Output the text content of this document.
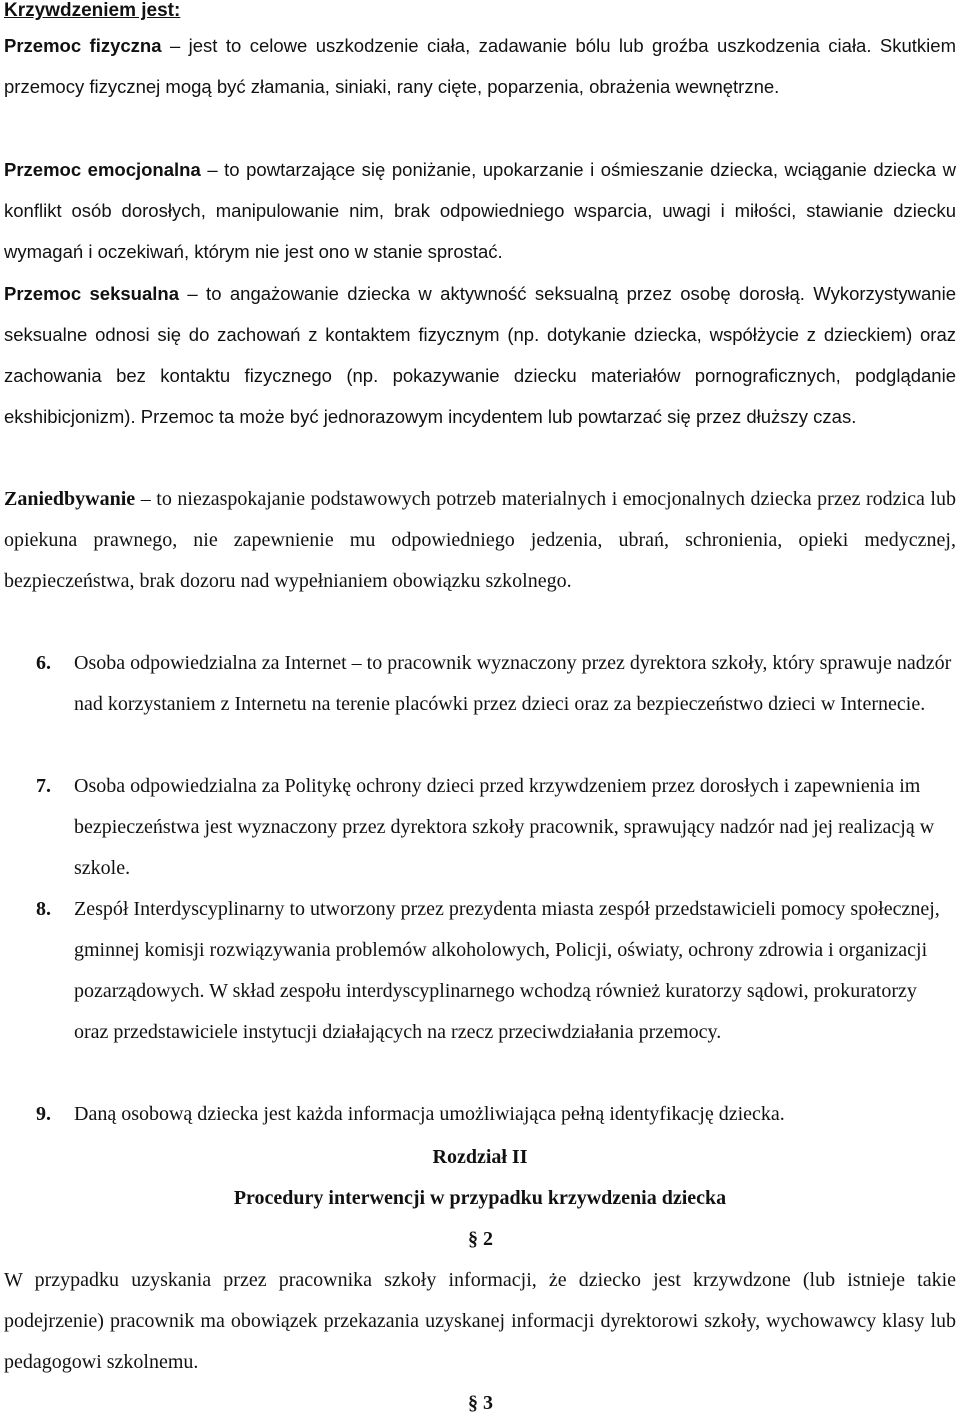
Krzywdzeniem jest:
Przemoc fizyczna – jest to celowe uszkodzenie ciała, zadawanie bólu lub groźba uszkodzenia ciała. Skutkiem przemocy fizycznej mogą być złamania, siniaki, rany cięte, poparzenia, obrażenia wewnętrzne.
Przemoc emocjonalna – to powtarzające się poniżanie, upokarzanie i ośmieszanie dziecka, wciąganie dziecka w konflikt osób dorosłych, manipulowanie nim, brak odpowiedniego wsparcia, uwagi i miłości, stawianie dziecku wymagań i oczekiwań, którym nie jest ono w stanie sprostać.
Przemoc seksualna – to angażowanie dziecka w aktywność seksualną przez osobę dorosłą. Wykorzystywanie seksualne odnosi się do zachowań z kontaktem fizycznym (np. dotykanie dziecka, współżycie z dzieckiem) oraz zachowania bez kontaktu fizycznego (np. pokazywanie dziecku materiałów pornograficznych, podglądanie ekshibicjonizm). Przemoc ta może być jednorazowym incydentem lub powtarzać się przez dłuższy czas.
Zaniedbywanie – to niezaspokajanie podstawowych potrzeb materialnych i emocjonalnych dziecka przez rodzica lub opiekuna prawnego, nie zapewnienie mu odpowiedniego jedzenia, ubrań, schronienia, opieki medycznej, bezpieczeństwa, brak dozoru nad wypełnianiem obowiązku szkolnego.
6.	Osoba odpowiedzialna za Internet – to pracownik wyznaczony przez dyrektora szkoły, który sprawuje nadzór nad korzystaniem z Internetu na terenie placówki przez dzieci oraz za bezpieczeństwo dzieci w Internecie.
7.	Osoba odpowiedzialna za Politykę ochrony dzieci przed krzywdzeniem przez dorosłych i zapewnienia im bezpieczeństwa jest wyznaczony przez dyrektora szkoły pracownik, sprawujący nadzór nad jej realizacją w szkole.
8.	Zespół Interdyscyplinarny to utworzony przez prezydenta miasta zespół przedstawicieli pomocy społecznej, gminnej komisji rozwiązywania problemów alkoholowych, Policji, oświaty, ochrony zdrowia i organizacji pozarządowych. W skład zespołu interdyscyplinarnego wchodzą również kuratorzy sądowi, prokuratorzy oraz przedstawiciele instytucji działających na rzecz przeciwdziałania przemocy.
9.	Daną osobową dziecka jest każda informacja umożliwiająca pełną identyfikację dziecka.
Rozdział II
Procedury interwencji w przypadku krzywdzenia dziecka
§ 2
W przypadku uzyskania przez pracownika szkoły informacji, że dziecko jest krzywdzone (lub istnieje takie podejrzenie) pracownik ma obowiązek przekazania uzyskanej informacji dyrektorowi szkoły, wychowawcy klasy lub pedagogowi szkolnemu.
§ 3
